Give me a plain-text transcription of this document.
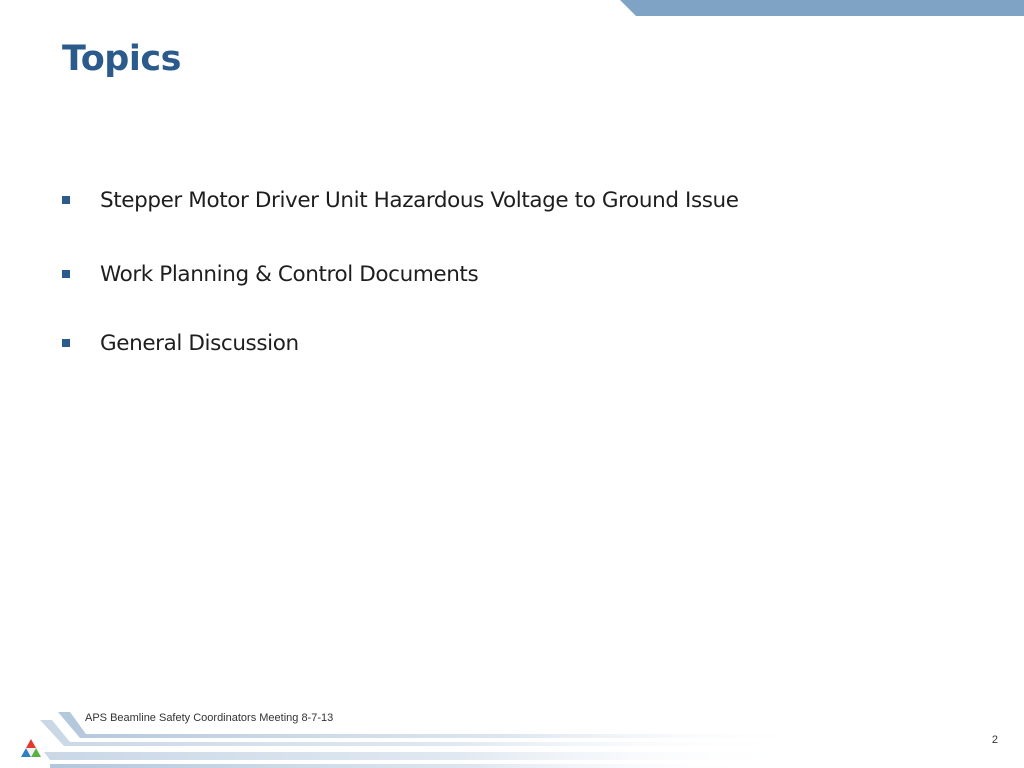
Topics
Stepper Motor Driver Unit Hazardous Voltage to Ground Issue
Work Planning & Control Documents
General Discussion
APS Beamline Safety Coordinators Meeting 8-7-13
2
